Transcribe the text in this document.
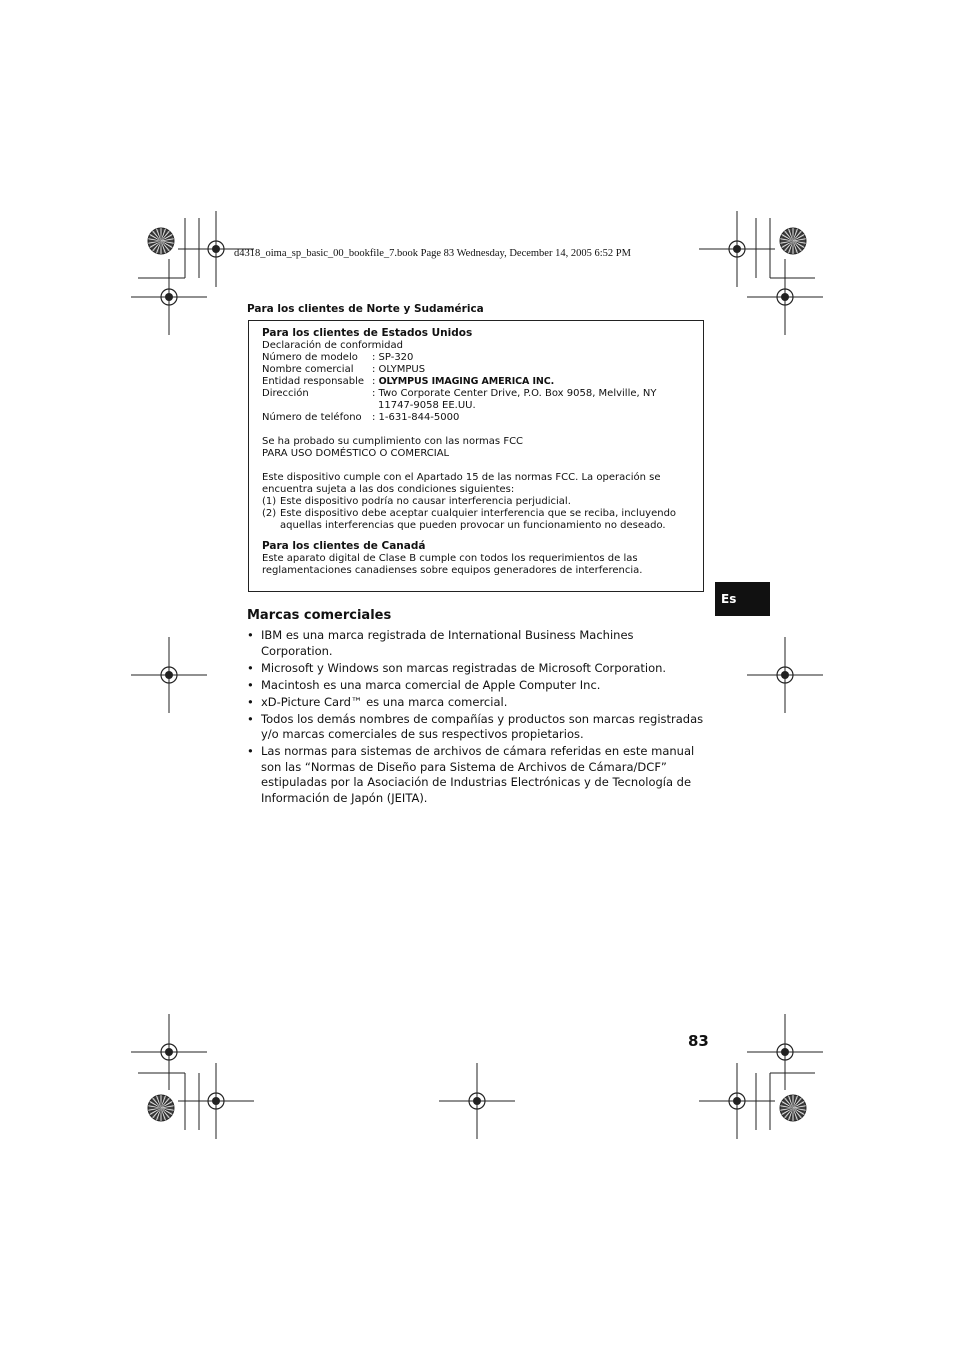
d4318_oima_sp_basic_00_bookfile_7.book Page 83 Wednesday, December 14, 2005 6:52 PM
Para los clientes de Norte y Sudamérica
Para los clientes de Estados Unidos
Declaración de conformidad
Número de modelo	: SP-320
Nombre comercial	: OLYMPUS
Entidad responsable : OLYMPUS IMAGING AMERICA INC.
Dirección	: Two Corporate Center Drive, P.O. Box 9058, Melville, NY
11747-9058 EE.UU.
Número de teléfono	: 1-631-844-5000
Se ha probado su cumplimiento con las normas FCC
PARA USO DOMÉSTICO O COMERCIAL
Este dispositivo cumple con el Apartado 15 de las normas FCC. La operación se encuentra sujeta a las dos condiciones siguientes:
(1) Este dispositivo podría no causar interferencia perjudicial.
(2) Este dispositivo debe aceptar cualquier interferencia que se reciba, incluyendo aquellas interferencias que pueden provocar un funcionamiento no deseado.
Para los clientes de Canadá
Este aparato digital de Clase B cumple con todos los requerimientos de las reglamentaciones canadienses sobre equipos generadores de interferencia.
Es
Marcas comerciales
• IBM es una marca registrada de International Business Machines Corporation.
• Microsoft y Windows son marcas registradas de Microsoft Corporation.
• Macintosh es una marca comercial de Apple Computer Inc.
• xD-Picture Card™ es una marca comercial.
• Todos los demás nombres de compañías y productos son marcas registradas y/o marcas comerciales de sus respectivos propietarios.
• Las normas para sistemas de archivos de cámara referidas en este manual son las “Normas de Diseño para Sistema de Archivos de Cámara/DCF” estipuladas por la Asociación de Industrias Electrónicas y de Tecnología de Información de Japón (JEITA).
83
